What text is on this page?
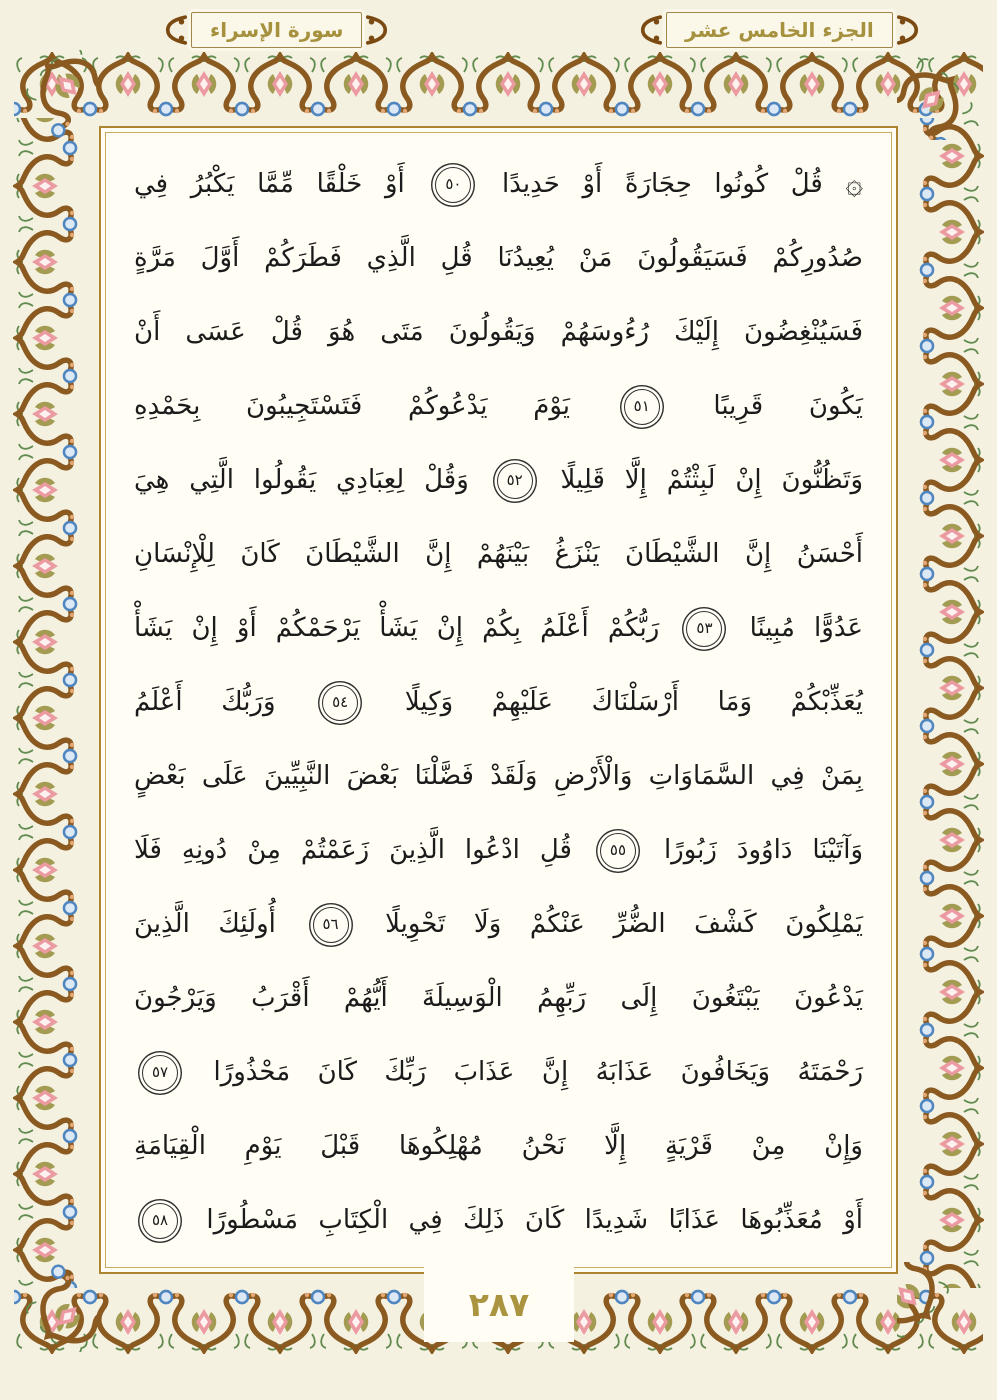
سورة الإسراء	الجزء الخامس عشر
۞ قُلْ كُونُوا حِجَارَةً أَوْ حَدِيدًا ٥٠ أَوْ خَلْقًا مِّمَّا يَكْبُرُ فِي
صُدُورِكُمْ فَسَيَقُولُونَ مَنْ يُعِيدُنَا قُلِ الَّذِي فَطَرَكُمْ أَوَّلَ مَرَّةٍ
فَسَيُنْغِضُونَ إِلَيْكَ رُءُوسَهُمْ وَيَقُولُونَ مَتَى هُوَ قُلْ عَسَى أَنْ
يَكُونَ قَرِيبًا ٥١ يَوْمَ يَدْعُوكُمْ فَتَسْتَجِيبُونَ بِحَمْدِهِ
وَتَظُنُّونَ إِنْ لَبِثْتُمْ إِلَّا قَلِيلًا ٥٢ وَقُلْ لِعِبَادِي يَقُولُوا الَّتِي هِيَ
أَحْسَنُ إِنَّ الشَّيْطَانَ يَنْزَغُ بَيْنَهُمْ إِنَّ الشَّيْطَانَ كَانَ لِلْإِنْسَانِ
عَدُوًّا مُبِينًا ٥٣ رَبُّكُمْ أَعْلَمُ بِكُمْ إِنْ يَشَأْ يَرْحَمْكُمْ أَوْ إِنْ يَشَأْ
يُعَذِّبْكُمْ وَمَا أَرْسَلْنَاكَ عَلَيْهِمْ وَكِيلًا ٥٤ وَرَبُّكَ أَعْلَمُ
بِمَنْ فِي السَّمَاوَاتِ وَالْأَرْضِ وَلَقَدْ فَضَّلْنَا بَعْضَ النَّبِيِّينَ عَلَى بَعْضٍ
وَآتَيْنَا دَاوُودَ زَبُورًا ٥٥ قُلِ ادْعُوا الَّذِينَ زَعَمْتُمْ مِنْ دُونِهِ فَلَا
يَمْلِكُونَ كَشْفَ الضُّرِّ عَنْكُمْ وَلَا تَحْوِيلًا ٥٦ أُولَئِكَ الَّذِينَ
يَدْعُونَ يَبْتَغُونَ إِلَى رَبِّهِمُ الْوَسِيلَةَ أَيُّهُمْ أَقْرَبُ وَيَرْجُونَ
رَحْمَتَهُ وَيَخَافُونَ عَذَابَهُ إِنَّ عَذَابَ رَبِّكَ كَانَ مَحْذُورًا ٥٧
وَإِنْ مِنْ قَرْيَةٍ إِلَّا نَحْنُ مُهْلِكُوهَا قَبْلَ يَوْمِ الْقِيَامَةِ
أَوْ مُعَذِّبُوهَا عَذَابًا شَدِيدًا كَانَ ذَلِكَ فِي الْكِتَابِ مَسْطُورًا ٥٨
٢٨٧
